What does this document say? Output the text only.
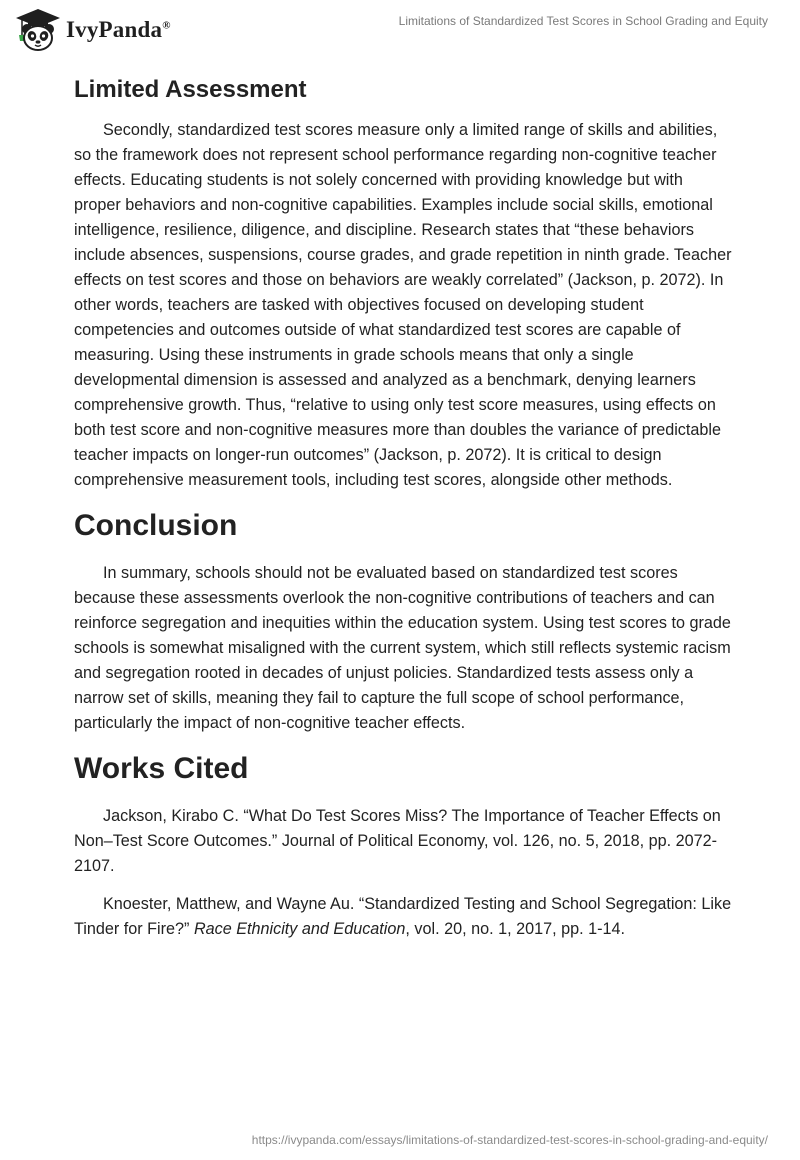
IvyPanda®	Limitations of Standardized Test Scores in School Grading and Equity
Limited Assessment

Secondly, standardized test scores measure only a limited range of skills and abilities, so the framework does not represent school performance regarding non-cognitive teacher effects. Educating students is not solely concerned with providing knowledge but with proper behaviors and non-cognitive capabilities. Examples include social skills, emotional intelligence, resilience, diligence, and discipline. Research states that “these behaviors include absences, suspensions, course grades, and grade repetition in ninth grade. Teacher effects on test scores and those on behaviors are weakly correlated” (Jackson, p. 2072). In other words, teachers are tasked with objectives focused on developing student competencies and outcomes outside of what standardized test scores are capable of measuring. Using these instruments in grade schools means that only a single developmental dimension is assessed and analyzed as a benchmark, denying learners comprehensive growth. Thus, “relative to using only test score measures, using effects on both test score and non-cognitive measures more than doubles the variance of predictable teacher impacts on longer-run outcomes” (Jackson, p. 2072). It is critical to design comprehensive measurement tools, including test scores, alongside other methods.

Conclusion

In summary, schools should not be evaluated based on standardized test scores because these assessments overlook the non-cognitive contributions of teachers and can reinforce segregation and inequities within the education system. Using test scores to grade schools is somewhat misaligned with the current system, which still reflects systemic racism and segregation rooted in decades of unjust policies. Standardized tests assess only a narrow set of skills, meaning they fail to capture the full scope of school performance, particularly the impact of non-cognitive teacher effects.

Works Cited

Jackson, Kirabo C. “What Do Test Scores Miss? The Importance of Teacher Effects on Non–Test Score Outcomes.” Journal of Political Economy, vol. 126, no. 5, 2018, pp. 2072-2107.

Knoester, Matthew, and Wayne Au. “Standardized Testing and School Segregation: Like Tinder for Fire?” Race Ethnicity and Education, vol. 20, no. 1, 2017, pp. 1-14.

https://ivypanda.com/essays/limitations-of-standardized-test-scores-in-school-grading-and-equity/
